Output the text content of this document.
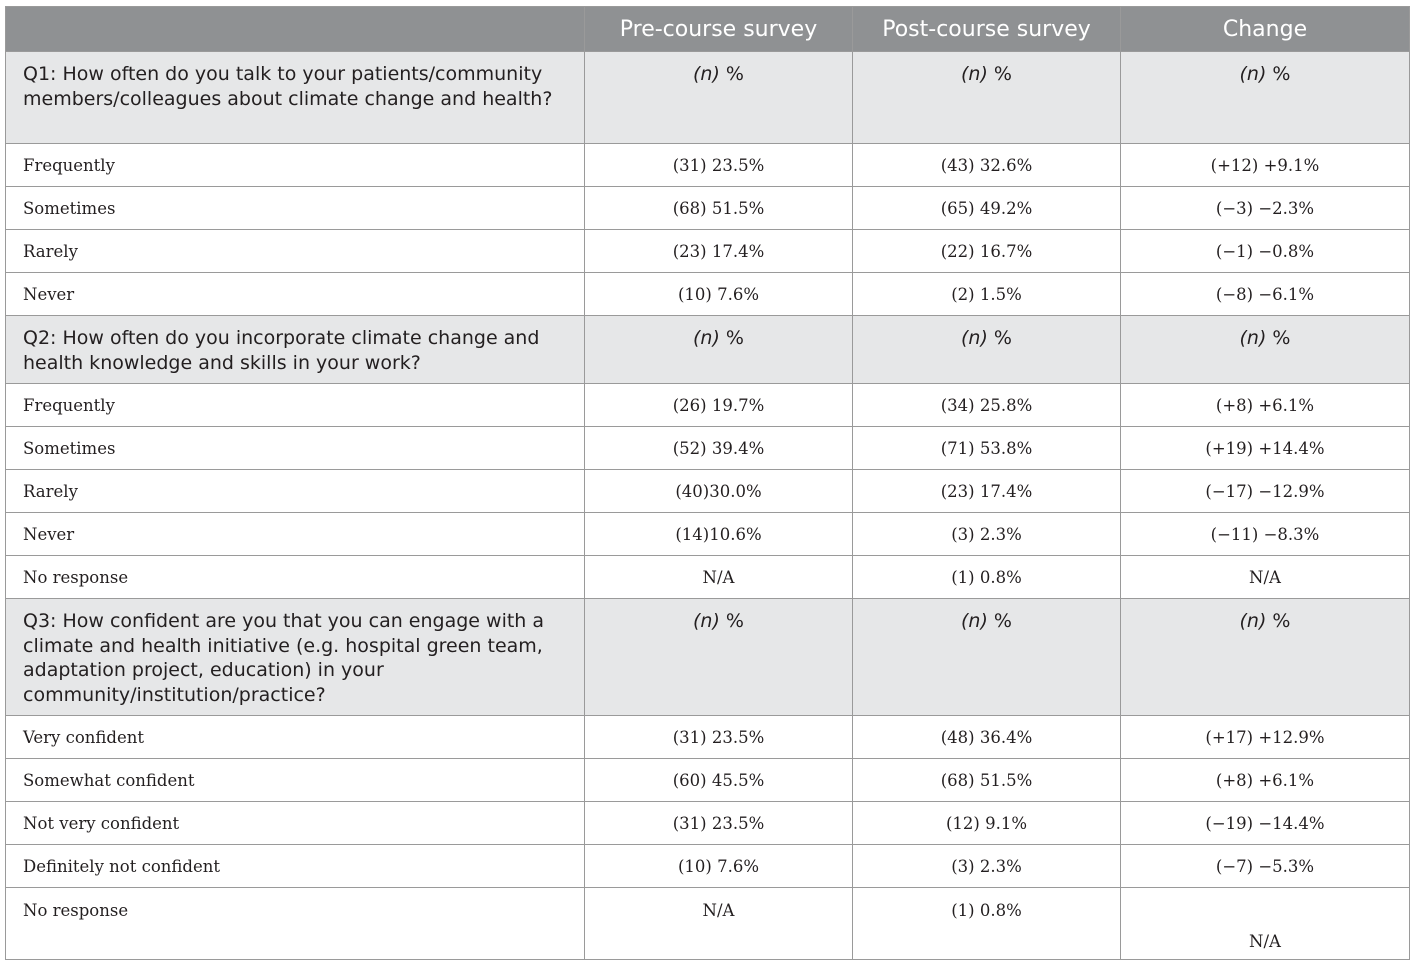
	Pre-course survey	Post-course survey	Change
Q1: How often do you talk to your patients/community members/colleagues about climate change and health?	(n) %	(n) %	(n) %
Frequently	(31) 23.5%	(43) 32.6%	(+12) +9.1%
Sometimes	(68) 51.5%	(65) 49.2%	(−3) −2.3%
Rarely	(23) 17.4%	(22) 16.7%	(−1) −0.8%
Never	(10) 7.6%	(2) 1.5%	(−8) −6.1%
Q2: How often do you incorporate climate change and health knowledge and skills in your work?	(n) %	(n) %	(n) %
Frequently	(26) 19.7%	(34) 25.8%	(+8) +6.1%
Sometimes	(52) 39.4%	(71) 53.8%	(+19) +14.4%
Rarely	(40)30.0%	(23) 17.4%	(−17) −12.9%
Never	(14)10.6%	(3) 2.3%	(−11) −8.3%
No response	N/A	(1) 0.8%	N/A
Q3: How confident are you that you can engage with a climate and health initiative (e.g. hospital green team, adaptation project, education) in your community/institution/practice?	(n) %	(n) %	(n) %
Very confident	(31) 23.5%	(48) 36.4%	(+17) +12.9%
Somewhat confident	(60) 45.5%	(68) 51.5%	(+8) +6.1%
Not very confident	(31) 23.5%	(12) 9.1%	(−19) −14.4%
Definitely not confident	(10) 7.6%	(3) 2.3%	(−7) −5.3%
No response	N/A	(1) 0.8%	N/A
